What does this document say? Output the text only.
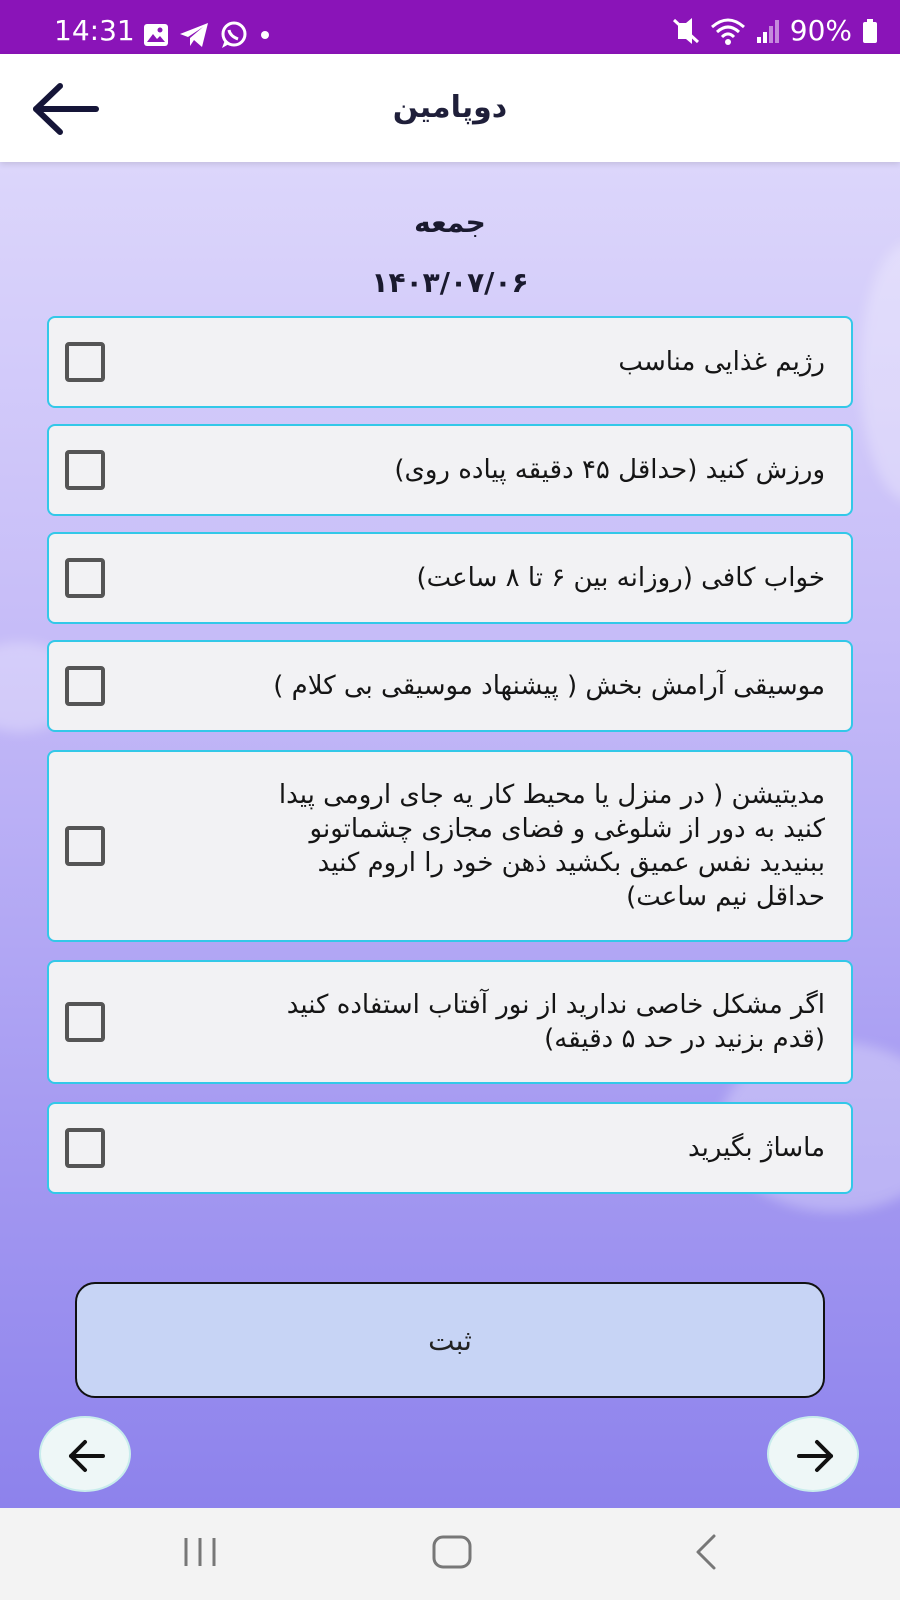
14:31	90%
دوپامین
جمعه
۱۴۰۳/۰۷/۰۶
رژیم غذایی مناسب
ورزش کنید (حداقل ۴۵ دقیقه پیاده روی)
خواب کافی (روزانه بین ۶ تا ۸ ساعت)
موسیقی آرامش بخش ( پیشنهاد موسیقی بی کلام )
مدیتیشن ( در منزل یا محیط کار یه جای ارومی پیدا
کنید به دور از شلوغی و فضای مجازی چشماتونو
ببنیدید نفس عمیق بکشید ذهن خود را اروم کنید
حداقل نیم ساعت)
اگر مشکل خاصی ندارید از نور آفتاب استفاده کنید
(قدم بزنید در حد ۵ دقیقه)
ماساژ بگیرید
ثبت
